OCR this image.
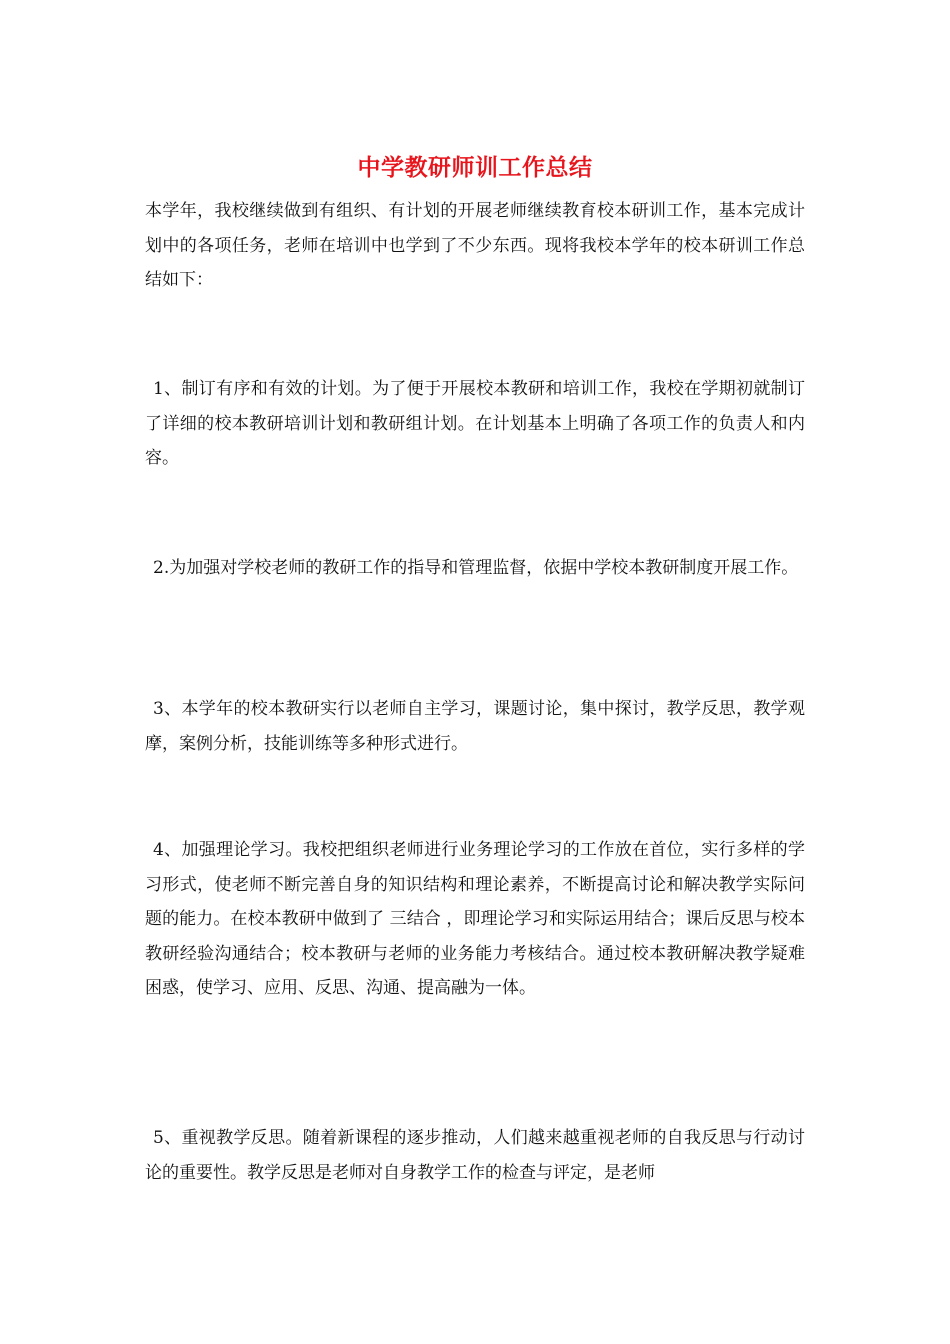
中学教研师训工作总结

本学年，我校继续做到有组织、有计划的开展老师继续教育校本研训工作，基本完成计划中的各项任务，老师在培训中也学到了不少东西。现将我校本学年的校本研训工作总结如下：

1、制订有序和有效的计划。为了便于开展校本教研和培训工作，我校在学期初就制订了详细的校本教研培训计划和教研组计划。在计划基本上明确了各项工作的负责人和内容。

2.为加强对学校老师的教研工作的指导和管理监督，依据中学校本教研制度开展工作。

3、本学年的校本教研实行以老师自主学习，课题讨论，集中探讨，教学反思，教学观摩，案例分析，技能训练等多种形式进行。

4、加强理论学习。我校把组织老师进行业务理论学习的工作放在首位，实行多样的学习形式，使老师不断完善自身的知识结构和理论素养，不断提高讨论和解决教学实际问题的能力。在校本教研中做到了 三结合 ，即理论学习和实际运用结合；课后反思与校本教研经验沟通结合；校本教研与老师的业务能力考核结合。通过校本教研解决教学疑难困惑，使学习、应用、反思、沟通、提高融为一体。

5、重视教学反思。随着新课程的逐步推动，人们越来越重视老师的自我反思与行动讨论的重要性。教学反思是老师对自身教学工作的检查与评定，是老师
